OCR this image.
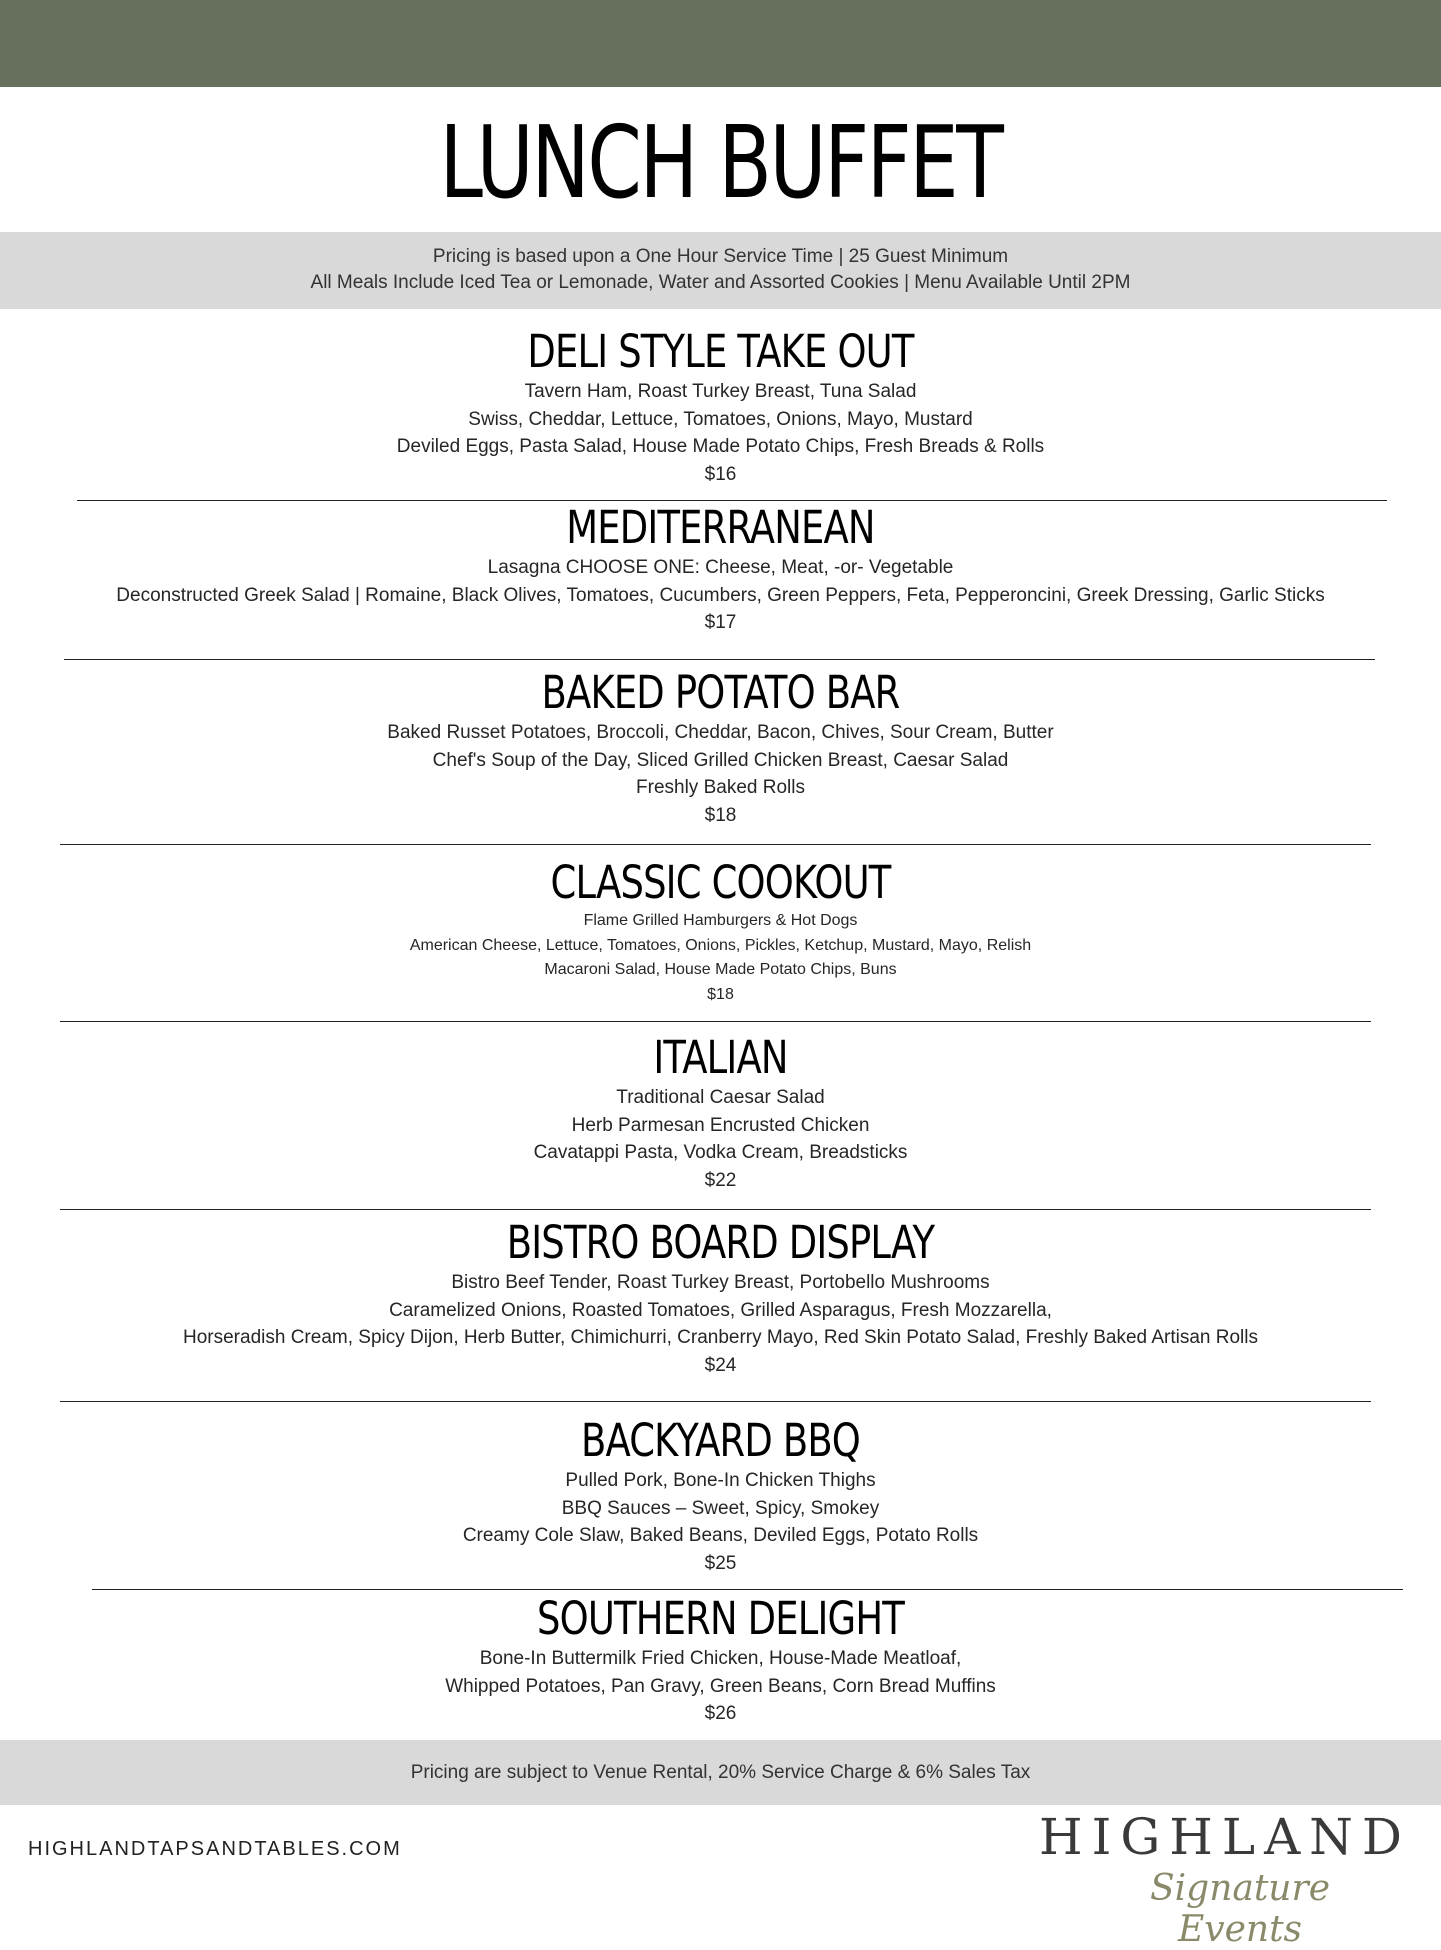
LUNCH BUFFET
Pricing is based upon a One Hour Service Time | 25 Guest Minimum
All Meals Include Iced Tea or Lemonade, Water and Assorted Cookies | Menu Available Until 2PM
DELI STYLE TAKE OUT
Tavern Ham, Roast Turkey Breast, Tuna Salad
Swiss, Cheddar, Lettuce, Tomatoes, Onions, Mayo, Mustard
Deviled Eggs, Pasta Salad, House Made Potato Chips, Fresh Breads & Rolls
$16
MEDITERRANEAN
Lasagna CHOOSE ONE: Cheese, Meat, -or- Vegetable
Deconstructed Greek Salad | Romaine, Black Olives, Tomatoes, Cucumbers, Green Peppers, Feta, Pepperoncini, Greek Dressing, Garlic Sticks
$17
BAKED POTATO BAR
Baked Russet Potatoes, Broccoli, Cheddar, Bacon, Chives, Sour Cream, Butter
Chef's Soup of the Day, Sliced Grilled Chicken Breast, Caesar Salad
Freshly Baked Rolls
$18
CLASSIC COOKOUT
Flame Grilled Hamburgers & Hot Dogs
American Cheese, Lettuce, Tomatoes, Onions, Pickles, Ketchup, Mustard, Mayo, Relish
Macaroni Salad, House Made Potato Chips, Buns
$18
ITALIAN
Traditional Caesar Salad
Herb Parmesan Encrusted Chicken
Cavatappi Pasta, Vodka Cream, Breadsticks
$22
BISTRO BOARD DISPLAY
Bistro Beef Tender, Roast Turkey Breast, Portobello Mushrooms
Caramelized Onions, Roasted Tomatoes, Grilled Asparagus, Fresh Mozzarella,
Horseradish Cream, Spicy Dijon, Herb Butter, Chimichurri, Cranberry Mayo, Red Skin Potato Salad, Freshly Baked Artisan Rolls
$24
BACKYARD BBQ
Pulled Pork, Bone-In Chicken Thighs
BBQ Sauces – Sweet, Spicy, Smokey
Creamy Cole Slaw, Baked Beans, Deviled Eggs, Potato Rolls
$25
SOUTHERN DELIGHT
Bone-In Buttermilk Fried Chicken, House-Made Meatloaf,
Whipped Potatoes, Pan Gravy, Green Beans, Corn Bread Muffins
$26
Pricing are subject to Venue Rental, 20% Service Charge & 6% Sales Tax
HIGHLANDTAPSANDTABLES.COM	HIGHLAND
Signature Events
